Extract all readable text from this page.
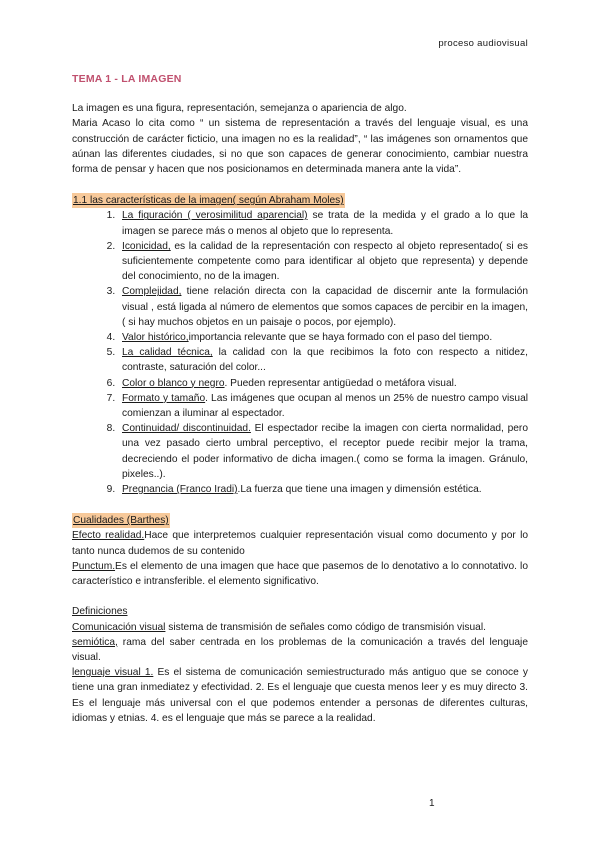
proceso audiovisual
TEMA 1 - LA IMAGEN

La imagen es una figura, representación, semejanza o apariencia de algo.

Maria Acaso lo cita como “ un sistema de representación a través del lenguaje visual, es una construcción de carácter ficticio, una imagen no es la realidad”, “ las imágenes son ornamentos que aúnan las diferentes ciudades, si no que son capaces de generar conocimiento, cambiar nuestra forma de pensar y hacen que nos posicionamos en determinada manera ante la vida”.

1.1 las características de la imagen( según Abraham Moles)
1. La figuración ( verosimilitud aparencial) se trata de la medida y el grado a lo que la imagen se parece más o menos al objeto que lo representa.
2. Iconicidad, es la calidad de la representación con respecto al objeto representado( si es suficientemente competente como para identificar al objeto que representa) y depende del conocimiento, no de la imagen.
3. Complejidad, tiene relación directa con la capacidad de discernir ante la formulación visual , está ligada al número de elementos que somos capaces de percibir en la imagen, ( si hay muchos objetos en un paisaje o pocos, por ejemplo).
4. Valor histórico,importancia relevante que se haya formado con el paso del tiempo.
5. La calidad técnica, la calidad con la que recibimos la foto con respecto a nitidez, contraste, saturación del color...
6. Color o blanco y negro. Pueden representar antigüedad o metáfora visual.
7. Formato y tamaño. Las imágenes que ocupan al menos un 25% de nuestro campo visual comienzan a iluminar al espectador.
8. Continuidad/ discontinuidad. El espectador recibe la imagen con cierta normalidad, pero una vez pasado cierto umbral perceptivo, el receptor puede recibir mejor la trama, decreciendo el poder informativo de dicha imagen.( como se forma la imagen. Gránulo, pixeles..).
9. Pregnancia (Franco Iradi).La fuerza que tiene una imagen y dimensión estética.
Cualidades (Barthes)

Efecto realidad.Hace que interpretemos cualquier representación visual como documento y por lo tanto nunca dudemos de su contenido

Punctum.Es el elemento de una imagen que hace que pasemos de lo denotativo a lo connotativo. lo característico e intransferible. el elemento significativo.

Definiciones

Comunicación visual sistema de transmisión de señales como código de transmisión visual.

semiótica, rama del saber centrada en los problemas de la comunicación a través del lenguaje visual.

lenguaje visual 1. Es el sistema de comunicación semiestructurado más antiguo que se conoce y tiene una gran inmediatez y efectividad. 2. Es el lenguaje que cuesta menos leer y es muy directo 3. Es el lenguaje más universal con el que podemos entender a personas de diferentes culturas, idiomas y etnias. 4. es el lenguaje que más se parece a la realidad.

1
